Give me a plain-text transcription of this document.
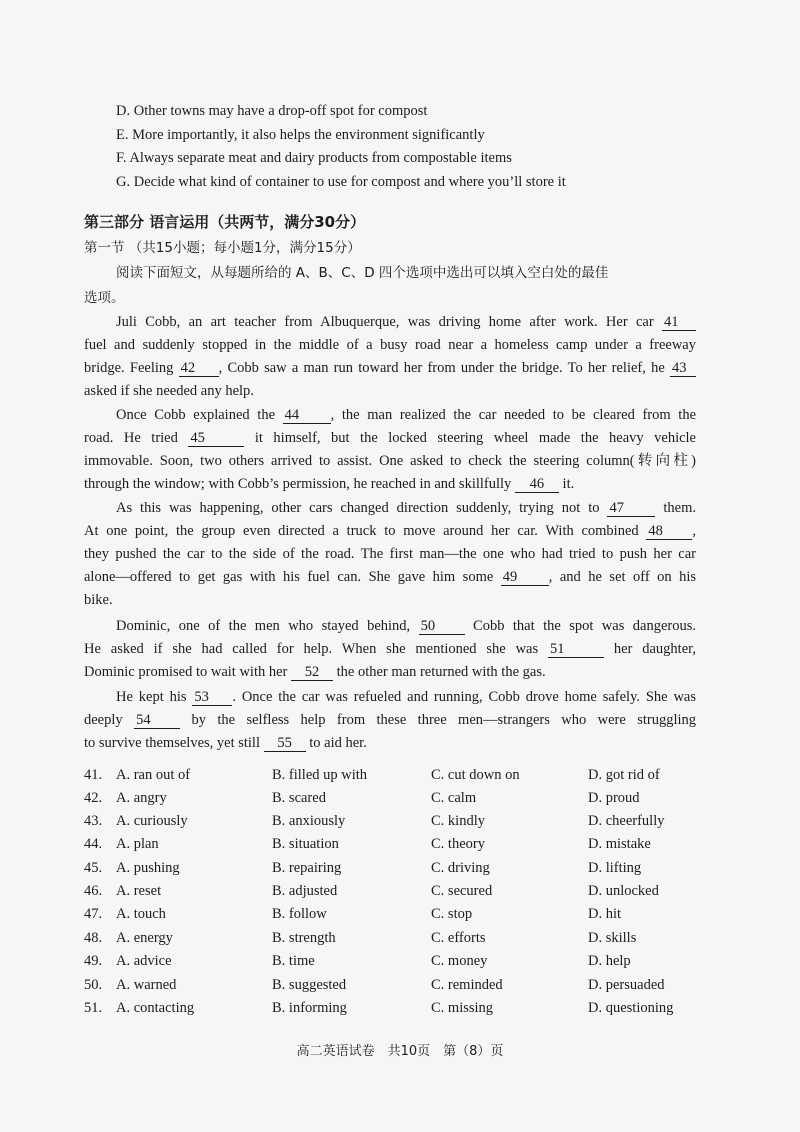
D. Other towns may have a drop-off spot for compost
E. More importantly, it also helps the environment significantly
F. Always separate meat and dairy products from compostable items
G. Decide what kind of container to use for compost and where you’ll store it
第三部分 语言运用（共两节，满分30分）
第一节 （共15小题；每小题1分，满分15分）
阅读下面短文，从每题所给的 A、B、C、D 四个选项中选出可以填入空白处的最佳
选项。
Juli Cobb, an art teacher from Albuquerque, was driving home after work. Her car 41
fuel and suddenly stopped in the middle of a busy road near a homeless camp under a freeway
bridge. Feeling 42 , Cobb saw a man run toward her from under the bridge. To her relief, he 43
asked if she needed any help.
Once Cobb explained the 44 , the man realized the car needed to be cleared from the
road. He tried 45	it himself, but the locked steering wheel made the heavy vehicle
immovable. Soon, two others arrived to assist. One asked to check the steering column(转向柱)
through the window; with Cobb’s permission, he reached in and skillfully 46 it.
As this was happening, other cars changed direction suddenly, trying not to 47	them.
At one point, the group even directed a truck to move around her car. With combined 48 ,
they pushed the car to the side of the road. The first man—the one who had tried to push her car
alone—offered to get gas with his fuel can. She gave him some 49 , and he set off on his
bike.
Dominic, one of the men who stayed behind, 50	Cobb that the spot was dangerous.
He asked if she had called for help. When she mentioned she was 51	her daughter,
Dominic promised to wait with her 52 the other man returned with the gas.
He kept his 53 . Once the car was refueled and running, Cobb drove home safely. She was
deeply 54	by the selfless help from these three men—strangers who were struggling
to survive themselves, yet still 55 to aid her.
41. A. ran out of	B. filled up with	C. cut down on	D. got rid of
42. A. angry	B. scared	C. calm	D. proud
43. A. curiously	B. anxiously	C. kindly	D. cheerfully
44. A. plan	B. situation	C. theory	D. mistake
45. A. pushing	B. repairing	C. driving	D. lifting
46. A. reset	B. adjusted	C. secured	D. unlocked
47. A. touch	B. follow	C. stop	D. hit
48. A. energy	B. strength	C. efforts	D. skills
49. A. advice	B. time	C. money	D. help
50. A. warned	B. suggested	C. reminded	D. persuaded
51. A. contacting	B. informing	C. missing	D. questioning
高二英语试卷　共10页　第（8）页
